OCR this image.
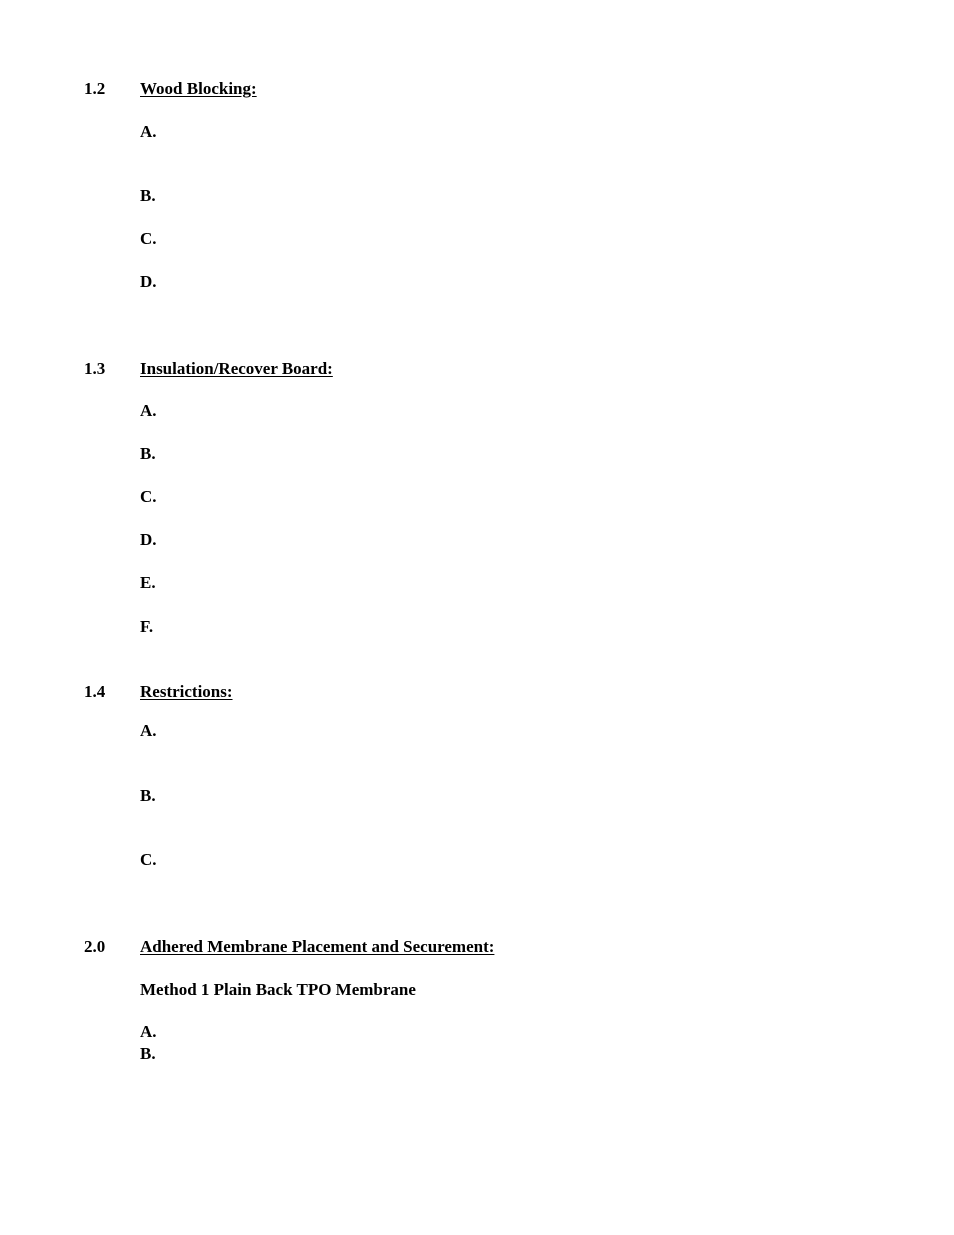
1.2 Wood Blocking:
A.
B.
C.
D.
1.3 Insulation/Recover Board:
A.
B.
C.
D.
E.
F.
1.4 Restrictions:
A.
B.
C.
2.0 Adhered Membrane Placement and Securement:
Method 1 Plain Back TPO Membrane
A.
B.
